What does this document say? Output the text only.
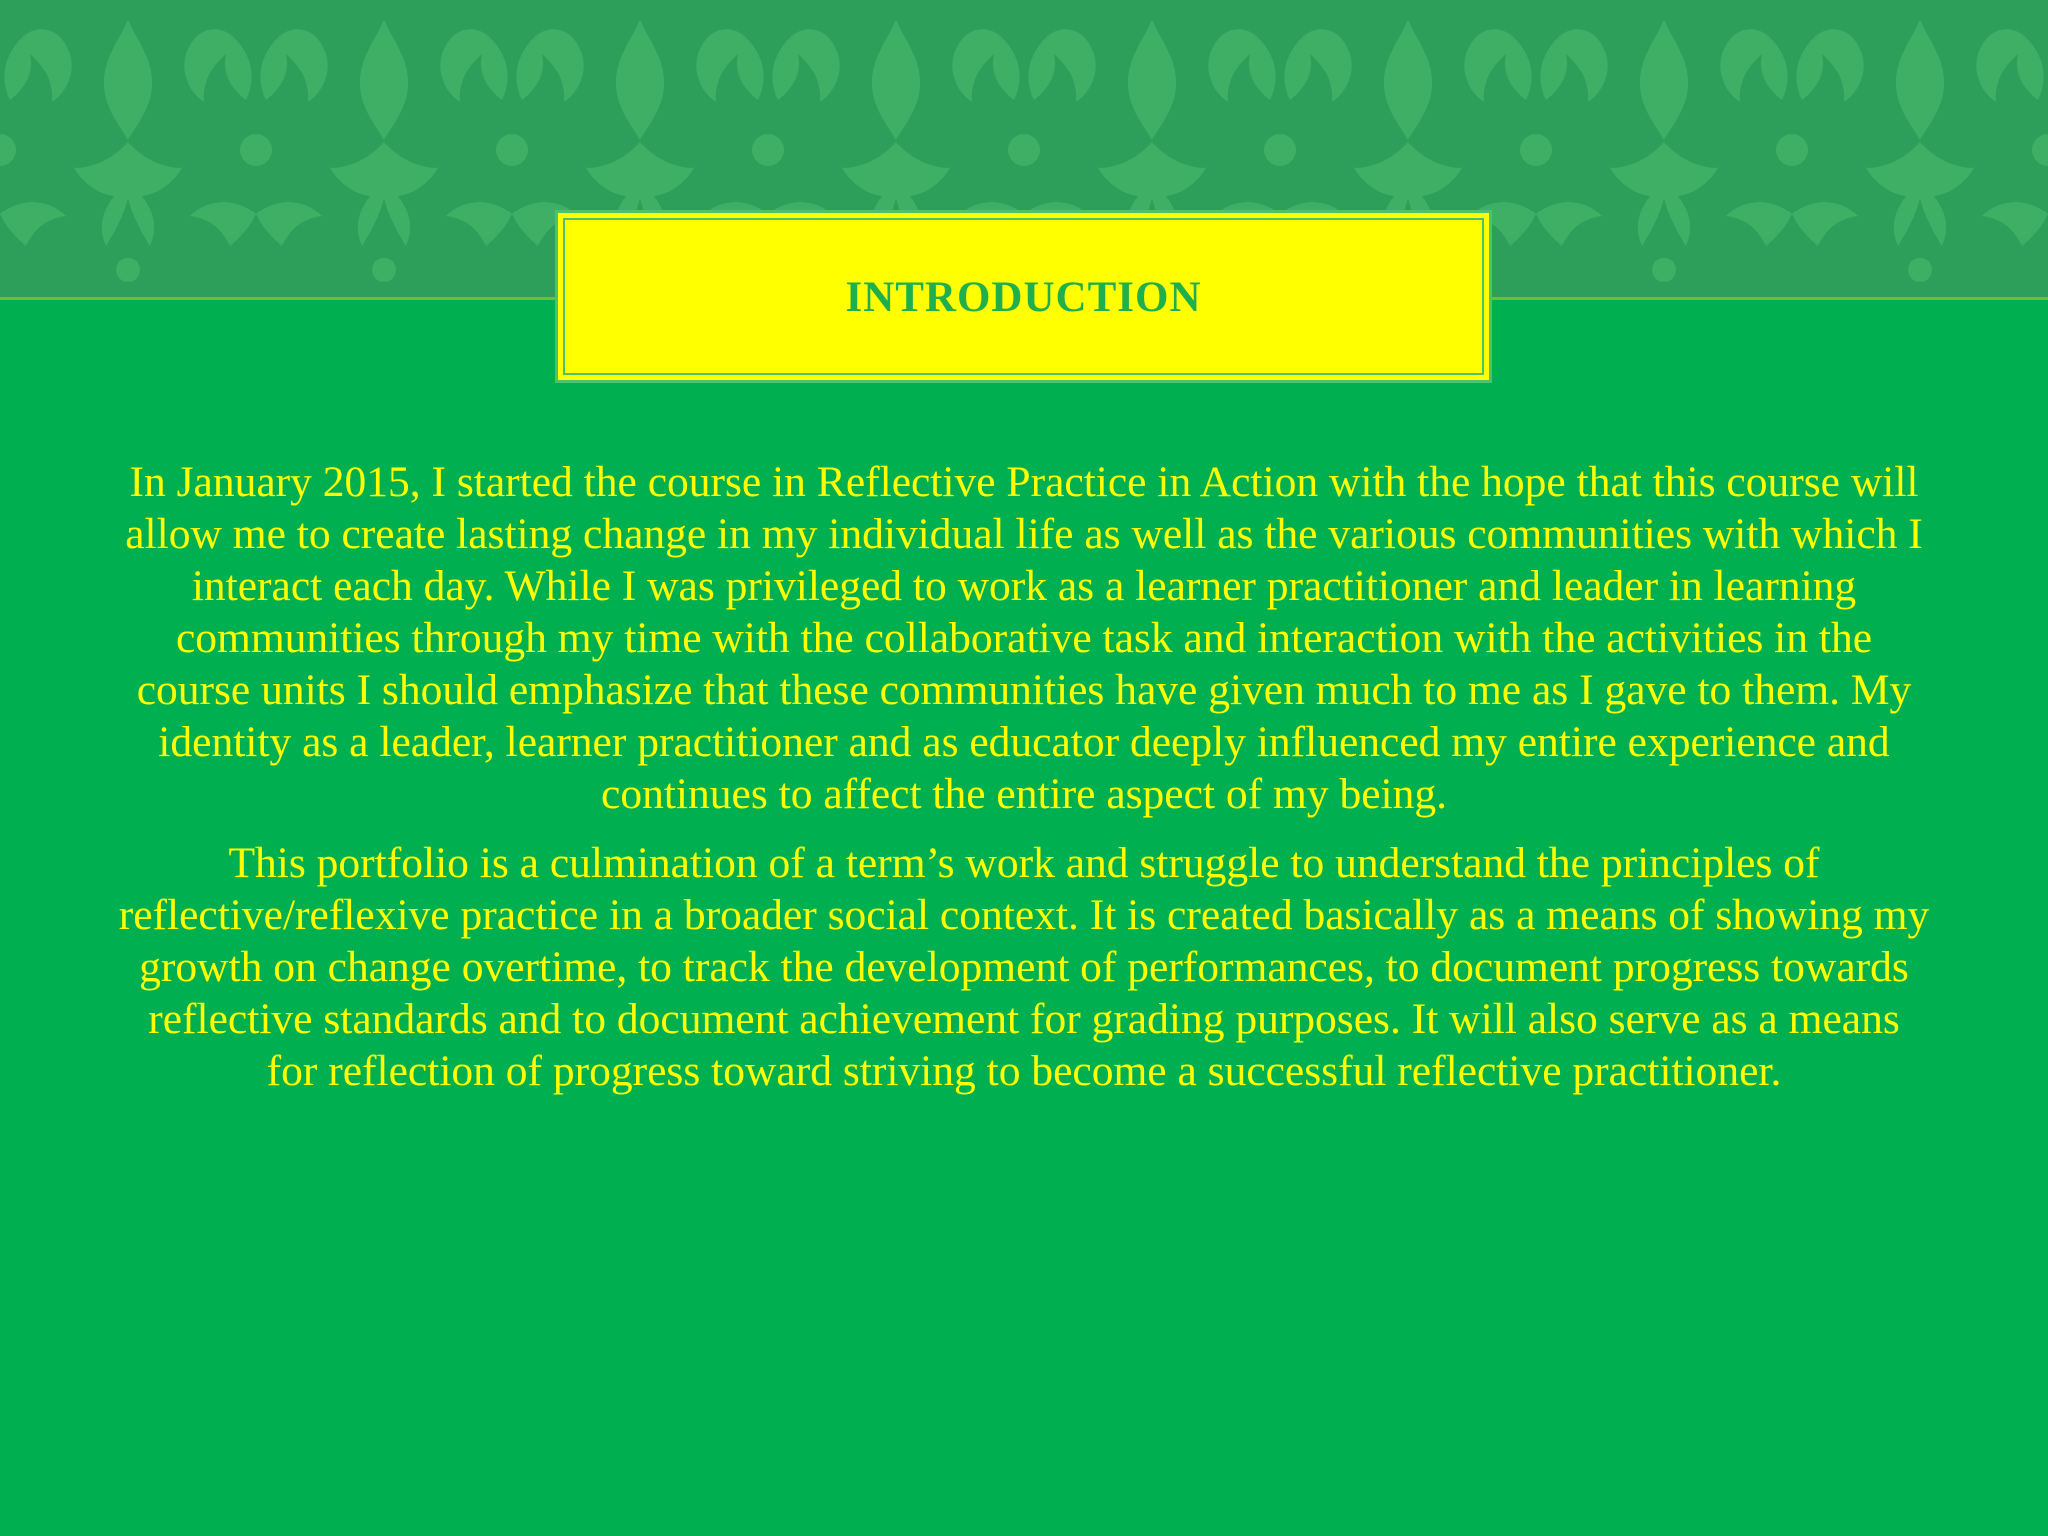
INTRODUCTION

In January 2015, I started the course in Reflective Practice in Action with the hope that this course will allow me to create lasting change in my individual life as well as the various communities with which I interact each day. While I was privileged to work as a learner practitioner and leader in learning communities through my time with the collaborative task and interaction with the activities in the course units I should emphasize that these communities have given much to me as I gave to them. My identity as a leader, learner practitioner and as educator deeply influenced my entire experience and continues to affect the entire aspect of my being.

This portfolio is a culmination of a term’s work and struggle to understand the principles of reflective/reflexive practice in a broader social context. It is created basically as a means of showing my growth on change overtime, to track the development of performances, to document progress towards reflective standards and to document achievement for grading purposes. It will also serve as a means for reflection of progress toward striving to become a successful reflective practitioner.
